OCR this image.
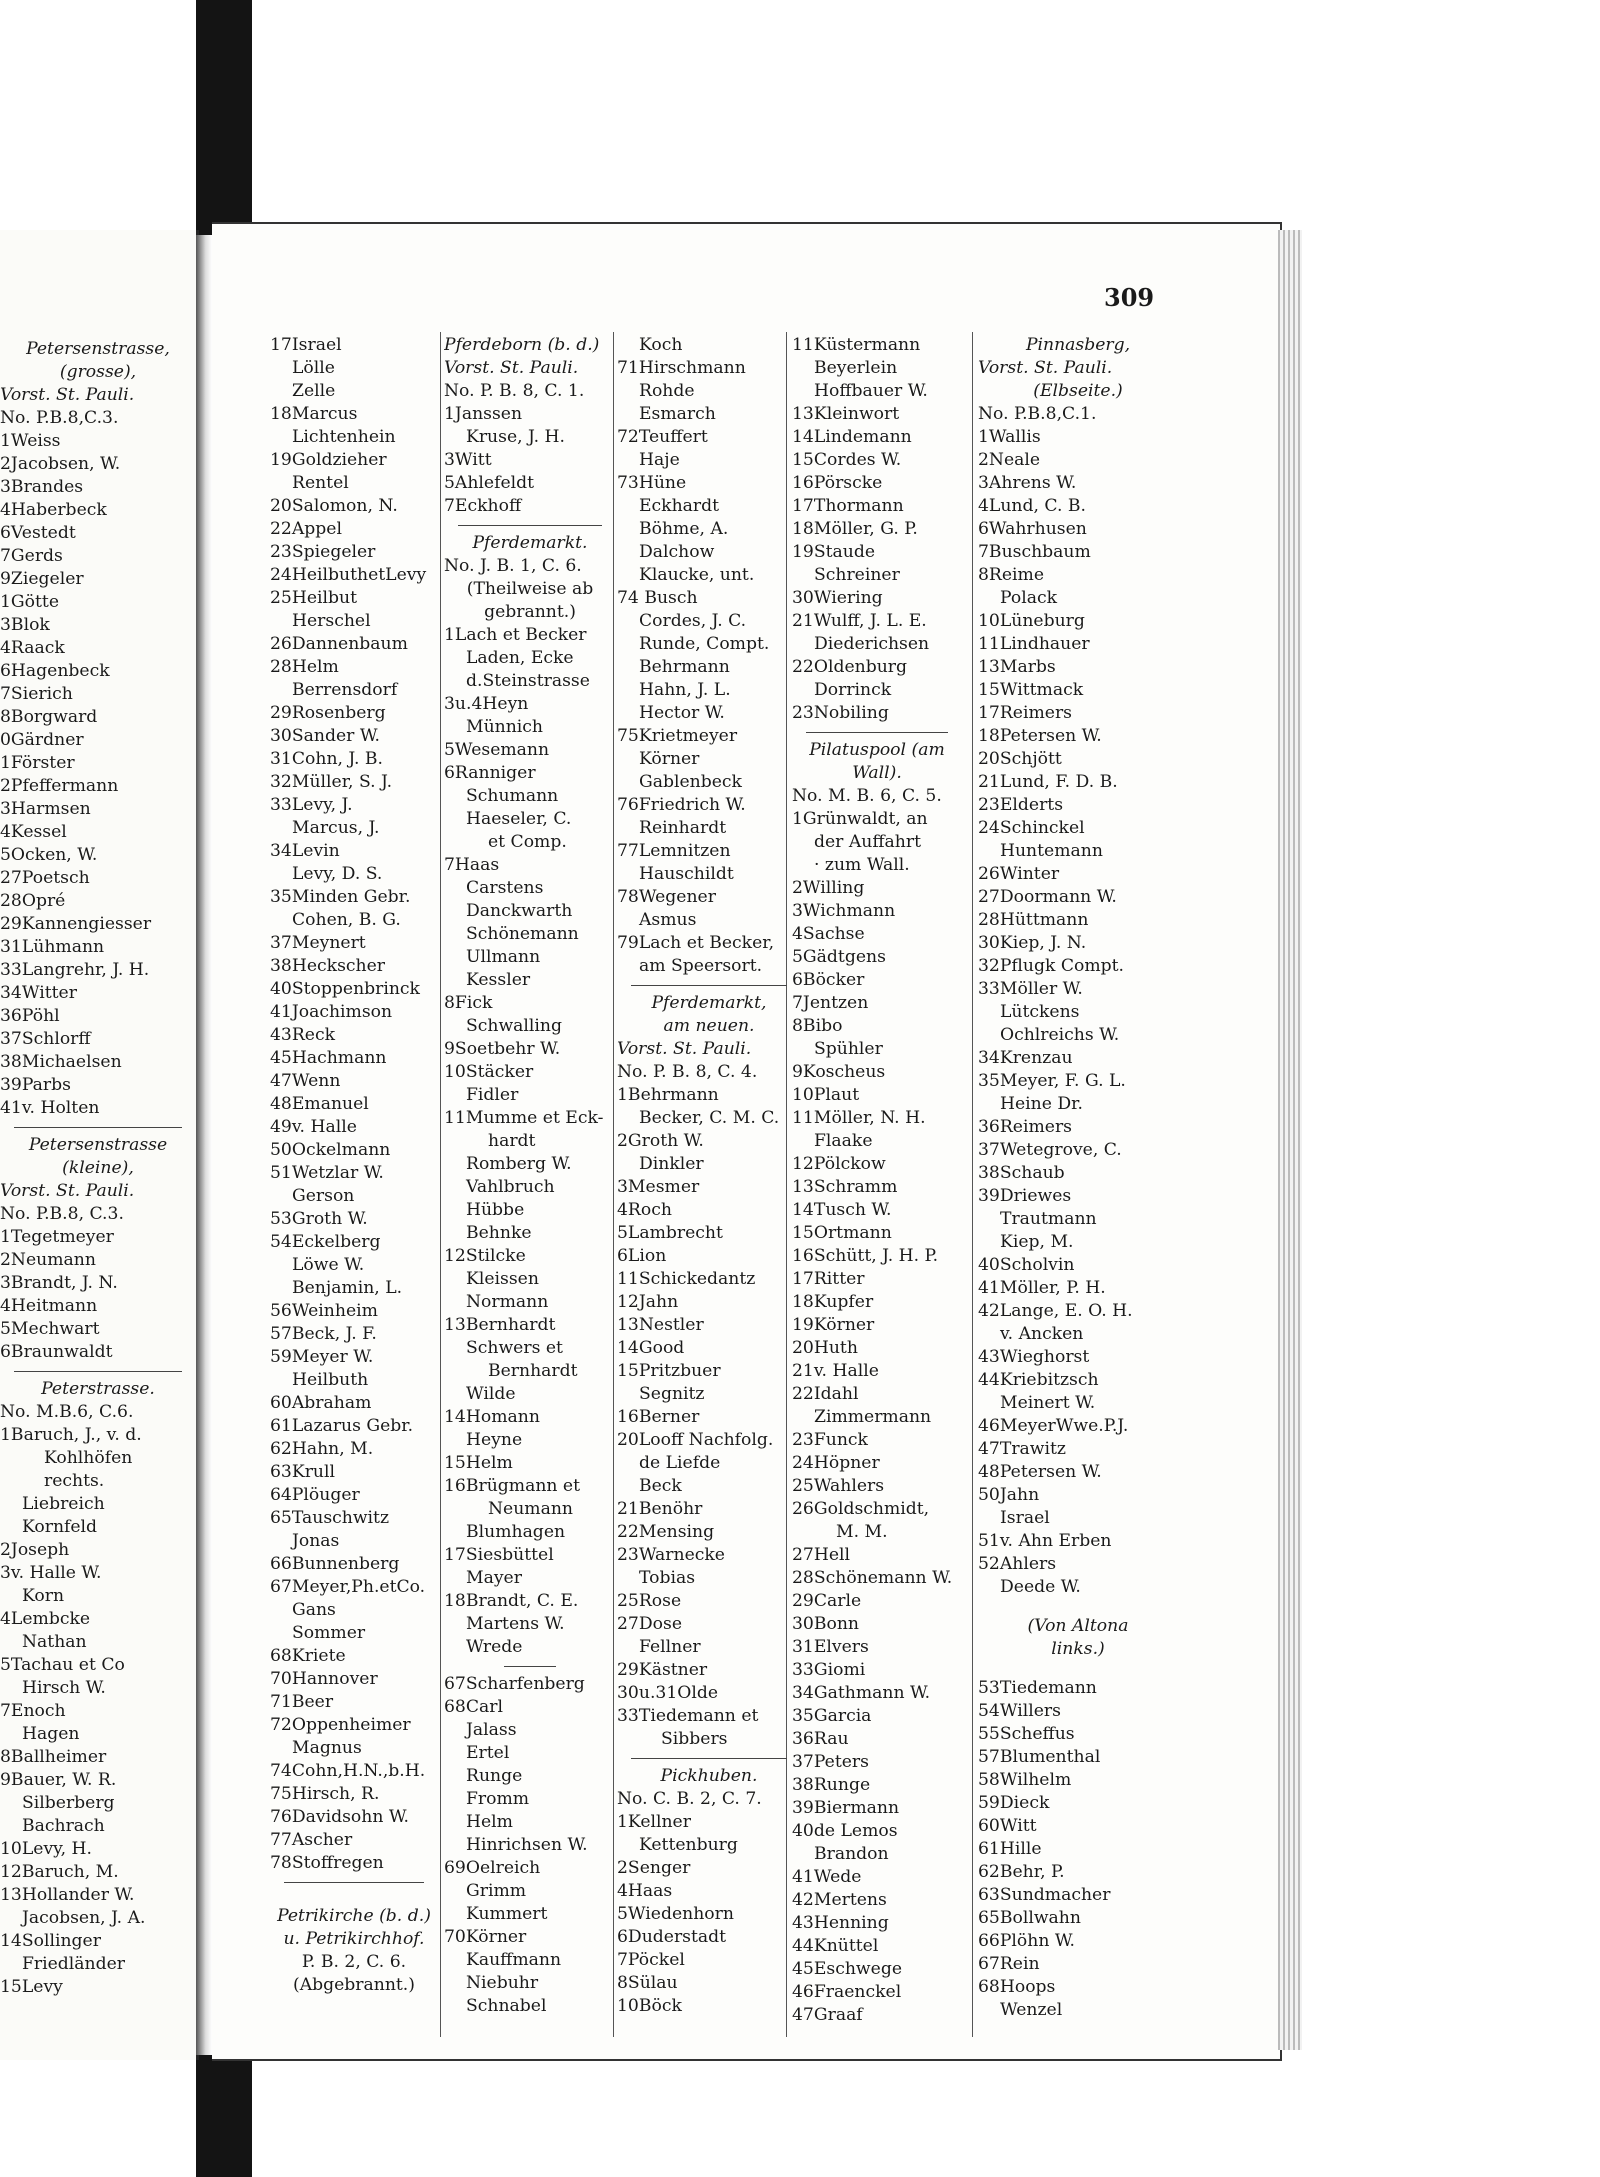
Petersenstrasse,
(grosse),
Vorst. St. Pauli.
No. P.B.8,C.3.
1Weiss
2Jacobsen, W.
3Brandes
4Haberbeck
6Vestedt
7Gerds
9Ziegeler
1Götte
3Blok
4Raack
6Hagenbeck
7Sierich
8Borgward
0Gärdner
1Förster
2Pfeffermann
3Harmsen
4Kessel
5Ocken, W.
27Poetsch
28Opré
29Kannengiesser
31Lühmann
33Langrehr, J. H.
34Witter
36Pöhl
37Schlorff
38Michaelsen
39Parbs
41v. Holten
Petersenstrasse
(kleine),
Vorst. St. Pauli.
No. P.B.8, C.3.
1Tegetmeyer
2Neumann
3Brandt, J. N.
4Heitmann
5Mechwart
6Braunwaldt
Peterstrasse.
No. M.B.6, C.6.
1Baruch, J., v. d.
Kohlhöfen
rechts.
Liebreich
Kornfeld
2Joseph
3v. Halle W.
Korn
4Lembcke
Nathan
5Tachau et Co
Hirsch W.
7Enoch
Hagen
8Ballheimer
9Bauer, W. R.
Silberberg
Bachrach
10Levy, H.
12Baruch, M.
13Hollander W.
Jacobsen, J. A.
14Sollinger
Friedländer
15Levy
309
17Israel
Lölle
Zelle
18Marcus
Lichtenhein
19Goldzieher
Rentel
20Salomon, N.
22Appel
23Spiegeler
24HeilbuthetLevy
25Heilbut
Herschel
26Dannenbaum
28Helm
Berrensdorf
29Rosenberg
30Sander W.
31Cohn, J. B.
32Müller, S. J.
33Levy, J.
Marcus, J.
34Levin
Levy, D. S.
35Minden Gebr.
Cohen, B. G.
37Meynert
38Heckscher
40Stoppenbrinck
41Joachimson
43Reck
45Hachmann
47Wenn
48Emanuel
49v. Halle
50Ockelmann
51Wetzlar W.
Gerson
53Groth W.
54Eckelberg
Löwe W.
Benjamin, L.
56Weinheim
57Beck, J. F.
59Meyer W.
Heilbuth
60Abraham
61Lazarus Gebr.
62Hahn, M.
63Krull
64Plöuger
65Tauschwitz
Jonas
66Bunnenberg
67Meyer,Ph.etCo.
Gans
Sommer
68Kriete
70Hannover
71Beer
72Oppenheimer
Magnus
74Cohn,H.N.,b.H.
75Hirsch, R.
76Davidsohn W.
77Ascher
78Stoffregen
Petrikirche (b. d.)
u. Petrikirchhof.
P. B. 2, C. 6.
(Abgebrannt.)
Pferdeborn (b. d.)
Vorst. St. Pauli.
No. P. B. 8, C. 1.
1Janssen
Kruse, J. H.
3Witt
5Ahlefeldt
7Eckhoff
Pferdemarkt.
No. J. B. 1, C. 6.
(Theilweise ab
gebrannt.)
1Lach et Becker
Laden, Ecke
d.Steinstrasse
3u.4Heyn
Münnich
5Wesemann
6Ranniger
Schumann
Haeseler, C.
et Comp.
7Haas
Carstens
Danckwarth
Schönemann
Ullmann
Kessler
8Fick
Schwalling
9Soetbehr W.
10Stäcker
Fidler
11Mumme et Eck-
hardt
Romberg W.
Vahlbruch
Hübbe
Behnke
12Stilcke
Kleissen
Normann
13Bernhardt
Schwers et
Bernhardt
Wilde
14Homann
Heyne
15Helm
16Brügmann et
Neumann
Blumhagen
17Siesbüttel
Mayer
18Brandt, C. E.
Martens W.
Wrede
67Scharfenberg
68Carl
Jalass
Ertel
Runge
Fromm
Helm
Hinrichsen W.
69Oelreich
Grimm
Kummert
70Körner
Kauffmann
Niebuhr
Schnabel
Koch
71Hirschmann
Rohde
Esmarch
72Teuffert
Haje
73Hüne
Eckhardt
Böhme, A.
Dalchow
Klaucke, unt.
74 Busch
Cordes, J. C.
Runde, Compt.
Behrmann
Hahn, J. L.
Hector W.
75Krietmeyer
Körner
Gablenbeck
76Friedrich W.
Reinhardt
77Lemnitzen
Hauschildt
78Wegener
Asmus
79Lach et Becker,
am Speersort.
Pferdemarkt,
am neuen.
Vorst. St. Pauli.
No. P. B. 8, C. 4.
1Behrmann
Becker, C. M. C.
2Groth W.
Dinkler
3Mesmer
4Roch
5Lambrecht
6Lion
11Schickedantz
12Jahn
13Nestler
14Good
15Pritzbuer
Segnitz
16Berner
20Looff Nachfolg.
de Liefde
Beck
21Benöhr
22Mensing
23Warnecke
Tobias
25Rose
27Dose
Fellner
29Kästner
30u.31Olde
33Tiedemann et
Sibbers
Pickhuben.
No. C. B. 2, C. 7.
1Kellner
Kettenburg
2Senger
4Haas
5Wiedenhorn
6Duderstadt
7Pöckel
8Sülau
10Böck
11Küstermann
Beyerlein
Hoffbauer W.
13Kleinwort
14Lindemann
15Cordes W.
16Pörscke
17Thormann
18Möller, G. P.
19Staude
Schreiner
30Wiering
21Wulff, J. L. E.
Diederichsen
22Oldenburg
Dorrinck
23Nobiling
Pilatuspool (am
Wall).
No. M. B. 6, C. 5.
1Grünwaldt, an
der Auffahrt
· zum Wall.
2Willing
3Wichmann
4Sachse
5Gädtgens
6Böcker
7Jentzen
8Bibo
Spühler
9Koscheus
10Plaut
11Möller, N. H.
Flaake
12Pölckow
13Schramm
14Tusch W.
15Ortmann
16Schütt, J. H. P.
17Ritter
18Kupfer
19Körner
20Huth
21v. Halle
22Idahl
Zimmermann
23Funck
24Höpner
25Wahlers
26Goldschmidt,
M. M.
27Hell
28Schönemann W.
29Carle
30Bonn
31Elvers
33Giomi
34Gathmann W.
35Garcia
36Rau
37Peters
38Runge
39Biermann
40de Lemos
Brandon
41Wede
42Mertens
43Henning
44Knüttel
45Eschwege
46Fraenckel
47Graaf
Pinnasberg,
Vorst. St. Pauli.
(Elbseite.)
No. P.B.8,C.1.
1Wallis
2Neale
3Ahrens W.
4Lund, C. B.
6Wahrhusen
7Buschbaum
8Reime
Polack
10Lüneburg
11Lindhauer
13Marbs
15Wittmack
17Reimers
18Petersen W.
20Schjött
21Lund, F. D. B.
23Elderts
24Schinckel
Huntemann
26Winter
27Doormann W.
28Hüttmann
30Kiep, J. N.
32Pflugk Compt.
33Möller W.
Lütckens
Ochlreichs W.
34Krenzau
35Meyer, F. G. L.
Heine Dr.
36Reimers
37Wetegrove, C.
38Schaub
39Driewes
Trautmann
Kiep, M.
40Scholvin
41Möller, P. H.
42Lange, E. O. H.
v. Ancken
43Wieghorst
44Kriebitzsch
Meinert W.
46MeyerWwe.P.J.
47Trawitz
48Petersen W.
50Jahn
Israel
51v. Ahn Erben
52Ahlers
Deede W.
(Von Altona
links.)
53Tiedemann
54Willers
55Scheffus
57Blumenthal
58Wilhelm
59Dieck
60Witt
61Hille
62Behr, P.
63Sundmacher
65Bollwahn
66Plöhn W.
67Rein
68Hoops
Wenzel
